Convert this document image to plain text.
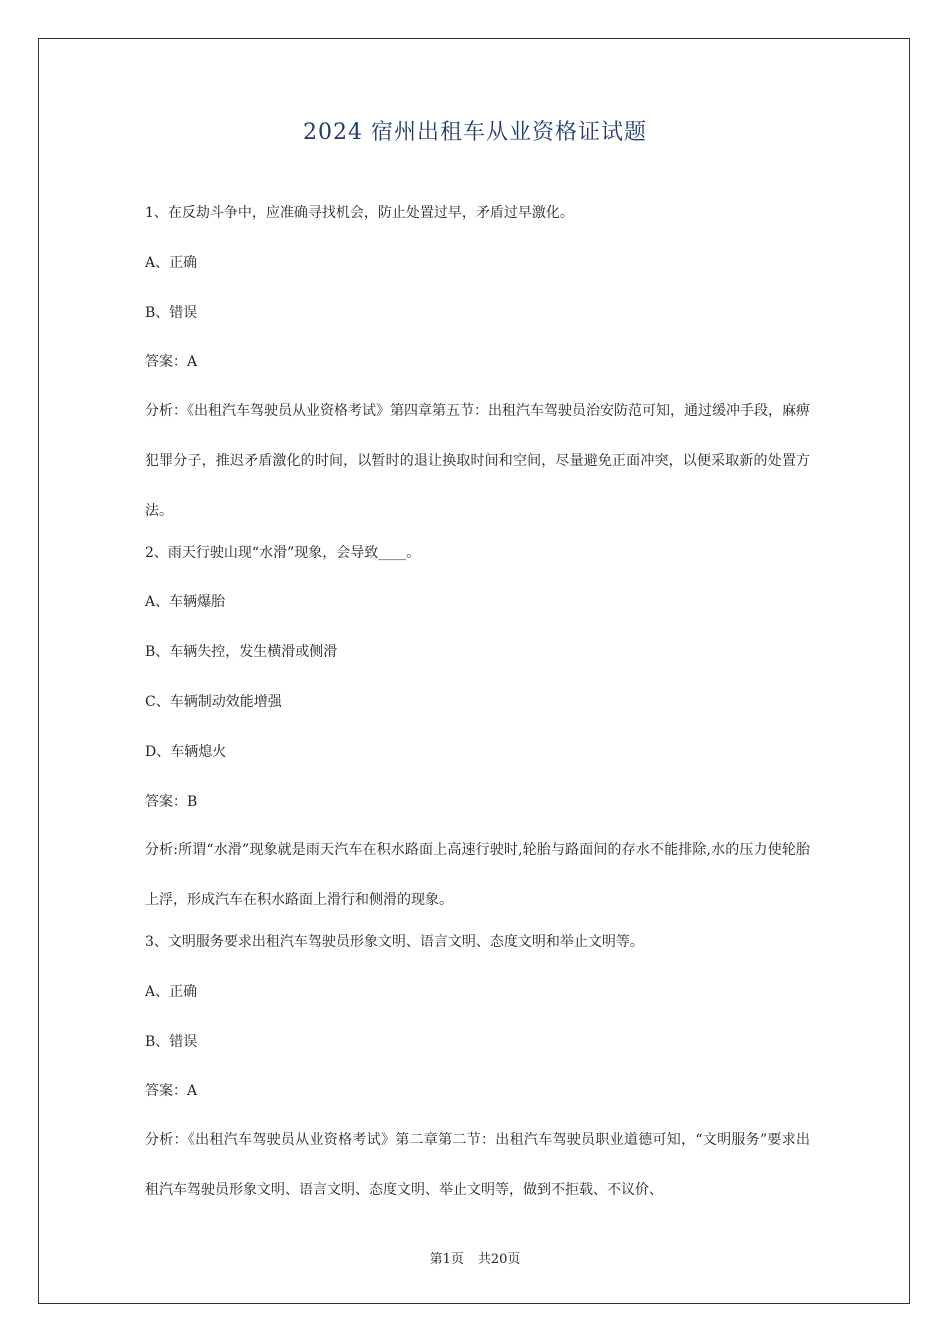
2024 宿州出租车从业资格证试题
1、在反劫斗争中，应准确寻找机会，防止处置过早，矛盾过早激化。
A、正确
B、错误
答案：A
分析：《出租汽车驾驶员从业资格考试》第四章第五节：出租汽车驾驶员治安防范可知，通过缓冲手段，麻痹犯罪分子，推迟矛盾激化的时间，以暂时的退让换取时间和空间，尽量避免正面冲突，以便采取新的处置方法。
2、雨天行驶山现“水滑”现象，会导致____。
A、车辆爆胎
B、车辆失控，发生横滑或侧滑
C、车辆制动效能增强
D、车辆熄火
答案：B
分析:所谓“水滑”现象就是雨天汽车在积水路面上高速行驶时,轮胎与路面间的存水不能排除,水的压力使轮胎上浮，形成汽车在积水路面上滑行和侧滑的现象。
3、文明服务要求出租汽车驾驶员形象文明、语言文明、态度文明和举止文明等。
A、正确
B、错误
答案：A
分析：《出租汽车驾驶员从业资格考试》第二章第二节：出租汽车驾驶员职业道德可知，“文明服务”要求出租汽车驾驶员形象文明、语言文明、态度文明、举止文明等，做到不拒载、不议价、
第1页 共20页
